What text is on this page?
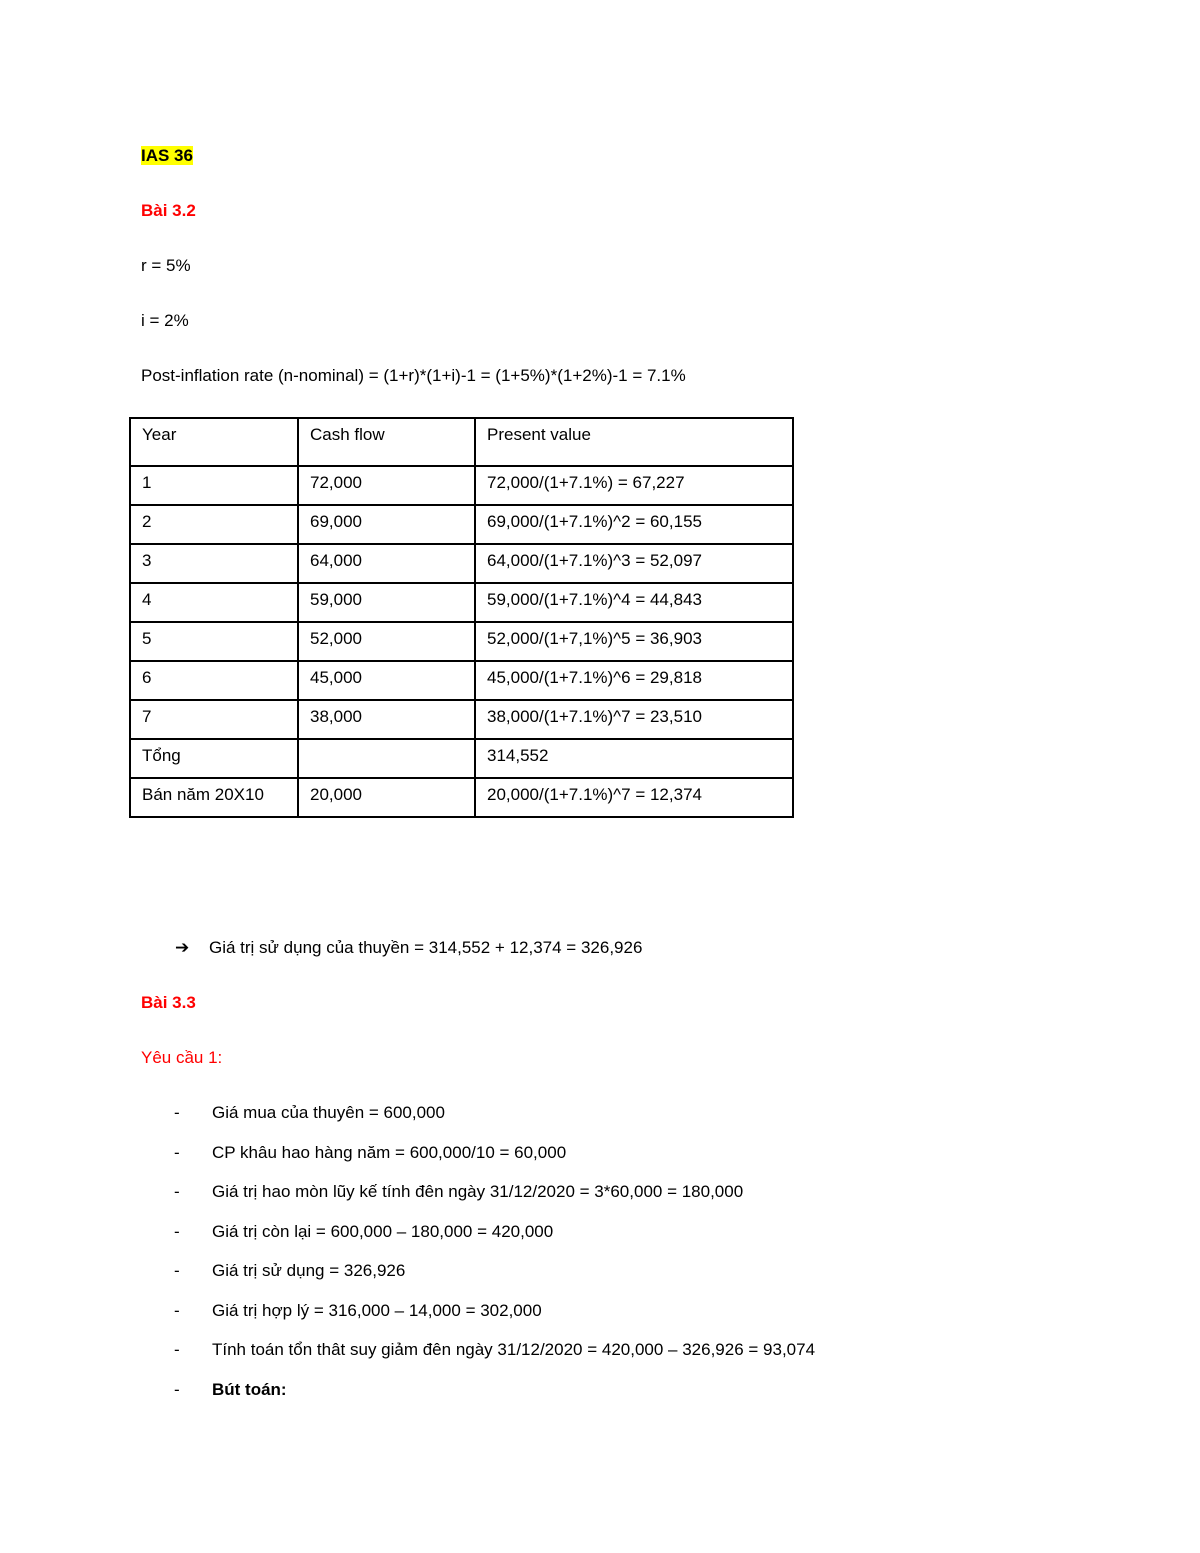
IAS 36

Bài 3.2

r = 5%

i = 2%

Post-inflation rate (n-nominal) = (1+r)*(1+i)-1 = (1+5%)*(1+2%)-1 = 7.1%

Year	Cash flow	Present value
1	72,000	72,000/(1+7.1%) = 67,227
2	69,000	69,000/(1+7.1%)^2 = 60,155
3	64,000	64,000/(1+7.1%)^3 = 52,097
4	59,000	59,000/(1+7.1%)^4 = 44,843
5	52,000	52,000/(1+7,1%)^5 = 36,903
6	45,000	45,000/(1+7.1%)^6 = 29,818
7	38,000	38,000/(1+7.1%)^7 = 23,510
Tổng		314,552
Bán năm 20X10	20,000	20,000/(1+7.1%)^7 = 12,374
➔ Giá trị sử dụng của thuyền = 314,552 + 12,374 = 326,926

Bài 3.3

Yêu cầu 1:

- Giá mua của thuyên = 600,000
- CP khâu hao hàng năm = 600,000/10 = 60,000
- Giá trị hao mòn lũy kế tính đên ngày 31/12/2020 = 3*60,000 = 180,000
- Giá trị còn lại = 600,000 – 180,000 = 420,000
- Giá trị sử dụng = 326,926
- Giá trị hợp lý = 316,000 – 14,000 = 302,000
- Tính toán tổn thât suy giảm đên ngày 31/12/2020 = 420,000 – 326,926 = 93,074
- Bút toán:
